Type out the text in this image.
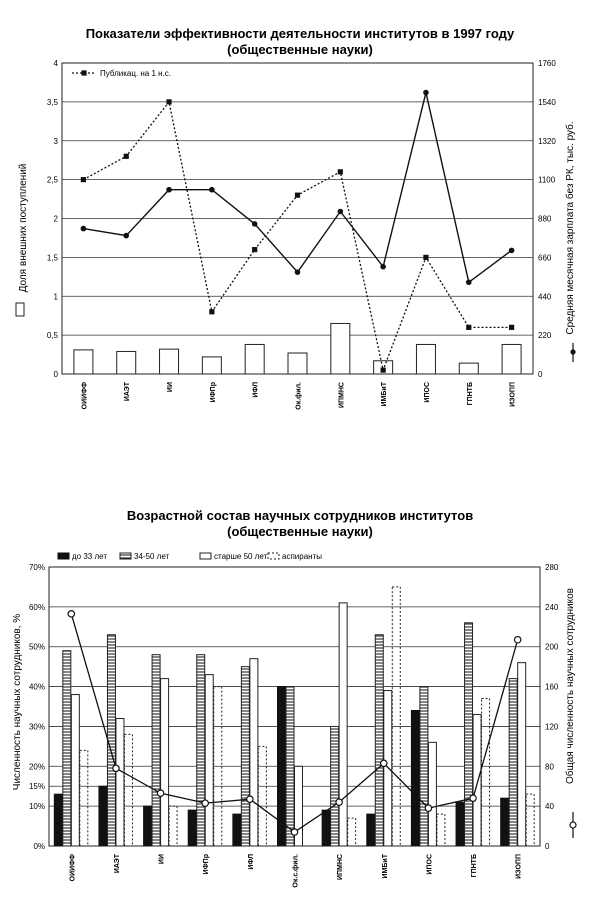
Показатели эффективности деятельности институтов в 1997 году
(общественные науки)
0
0,5
1
1,5
2
2,5
3
3,5
4
0
220
440
660
880
1100
1320
1540
1760
Публикац. на 1 н.с.
ОИИФФ	ИАЭТ	ИИ	ИФПр	ИФЛ	Ок.фил.	ИПМНС	ИМБиТ	ИПОС	ГПНТБ	ИЗОПП
Доля внешних поступлений	Средняя месячная зарплата без РК, тыс. руб.
Возрастной состав научных сотрудников институтов
(общественные науки)
0%
10%
15%
20%
30%
40%
50%
60%
70%
0
40
80
120
160
200
240
280
до 33 лет	34-50 лет	старше 50 лет аспиранты
ОИИФФ	ИАЭТ	ИИ	ИФПр	ИФЛ	Ок.с.фил.	ИПМНС	ИМБиТ	ИПОС	ГПНТБ	ИЗОПП
Численность научных сотрудников, %	Общая численность научных сотрудников
